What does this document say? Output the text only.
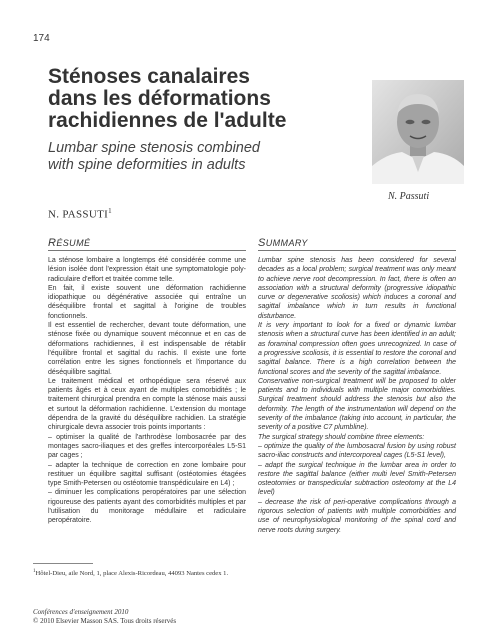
174
Sténoses canalaires
dans les déformations
rachidiennes de l'adulte
Lumbar spine stenosis combined
with spine deformities in adults
N. Passuti
N. PASSUTI$^1$
RÉSUMÉ	SUMMARY

La sténose lombaire a longtemps été considérée comme une lésion isolée dont l'expression était une symptomatologie poly-radiculaire d'effort et traitée comme telle.

En fait, il existe souvent une déformation rachidienne idiopathique ou dégénérative associée qui entraîne un déséquilibre frontal et sagittal à l'origine de troubles fonctionnels.

Il est essentiel de rechercher, devant toute déformation, une sténose fixée ou dynamique souvent méconnue et en cas de déformations rachidiennes, il est indispensable de rétablir l'équilibre frontal et sagittal du rachis. Il existe une forte corrélation entre les signes fonctionnels et l'importance du déséquilibre sagittal.

Le traitement médical et orthopédique sera réservé aux patients âgés et à ceux ayant de multiples comorbidités ; le traitement chirurgical prendra en compte la sténose mais aussi et surtout la déformation rachidienne. L'extension du montage dépendra de la gravité du déséquilibre rachidien. La stratégie chirurgicale devra associer trois points importants :

– optimiser la qualité de l'arthrodèse lombosacrée par des montages sacro-iliaques et des greffes intercorporéales L5-S1 par cages ;

– adapter la technique de correction en zone lombaire pour restituer un équilibre sagittal suffisant (ostéotomies étagées type Smith-Petersen ou ostéotomie transpédiculaire en L4) ;

– diminuer les complications peropératoires par une sélection rigoureuse des patients ayant des comorbidités multiples et par l'utilisation du monitorage médullaire et radiculaire peropératoire.

Lumbar spine stenosis has been considered for several decades as a local problem; surgical treatment was only meant to achieve nerve root decompression. In fact, there is often an association with a structural deformity (progressive idiopathic curve or degenerative scoliosis) which induces a coronal and sagittal imbalance which in turn results in functional disturbance.

It is very important to look for a fixed or dynamic lumbar stenosis when a structural curve has been identified in an adult; as foraminal compression often goes unrecognized. In case of a progressive scoliosis, it is essential to restore the coronal and sagittal balance. There is a high correlation between the functional scores and the severity of the sagittal imbalance.

Conservative non-surgical treatment will be proposed to older patients and to individuals with multiple major comorbidities. Surgical treatment should address the stenosis but also the deformity. The length of the instrumentation will depend on the severity of the imbalance (taking into account, in particular, the severity of a positive C7 plumbline).

The surgical strategy should combine three elements:

– optimize the quality of the lumbosacral fusion by using robust sacro-iliac constructs and intercorporeal cages (L5-S1 level),

– adapt the surgical technique in the lumbar area in order to restore the sagittal balance (either multi level Smith-Petersen osteotomies or transpedicular subtraction osteotomy at the L4 level)

– decrease the risk of peri-operative complications through a rigorous selection of patients with multiple comorbidities and use of neurophysiological monitoring of the spinal cord and nerve roots during surgery.

$^1$Hôtel-Dieu, aile Nord, 1, place Alexis-Ricordeau, 44093 Nantes cedex 1.
Conférences d'enseignement 2010
© 2010 Elsevier Masson SAS. Tous droits réservés
